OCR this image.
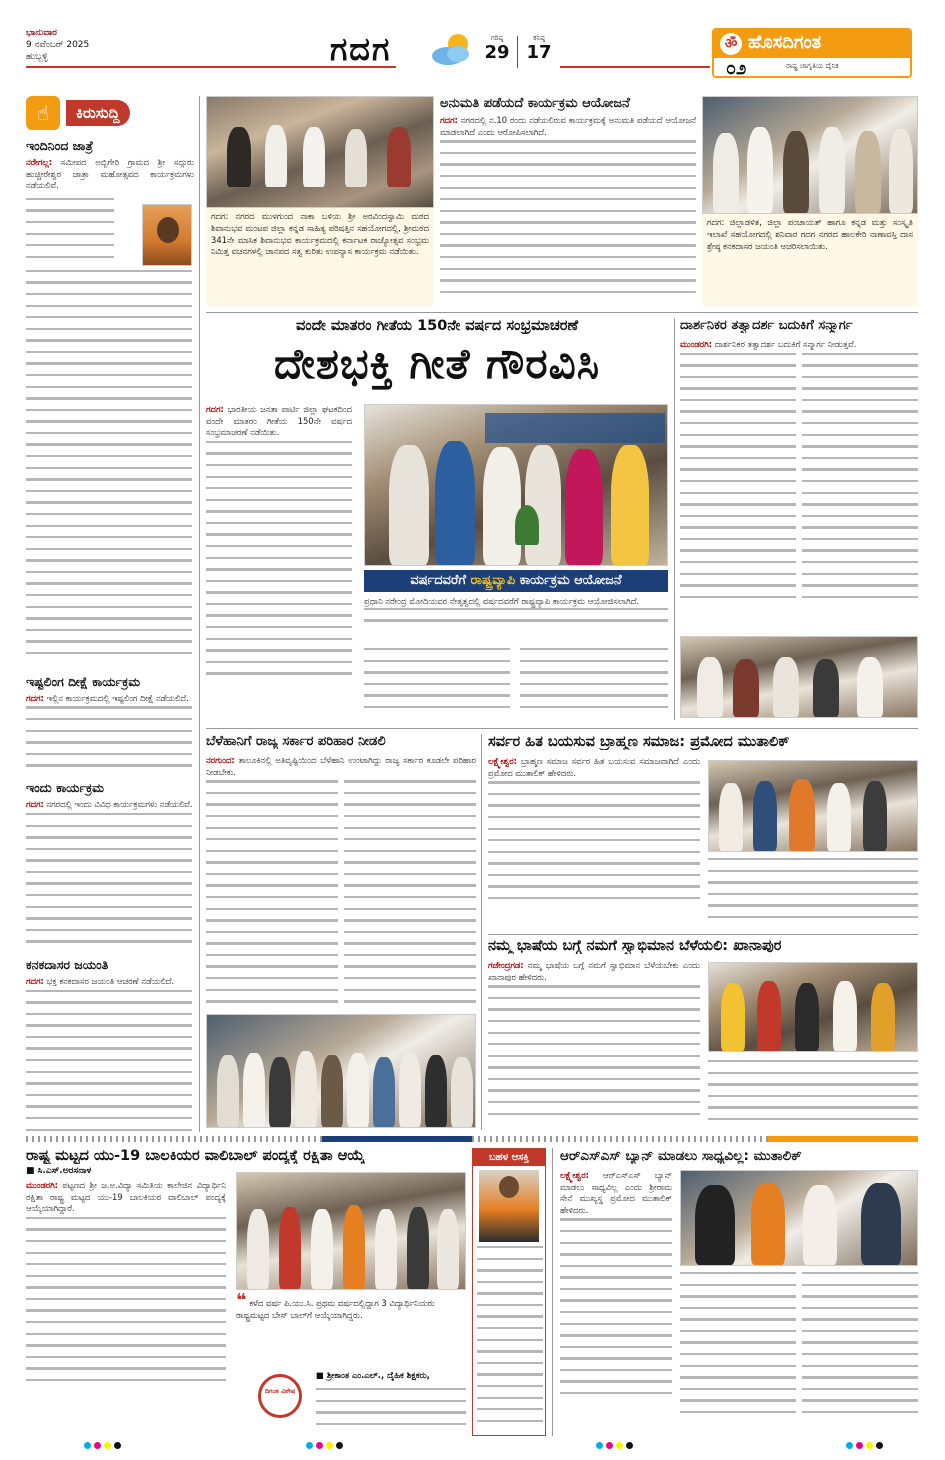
ಭಾನುವಾರ
9 ನವೆಂಬರ್ 2025
ಹುಬ್ಬಳ್ಳಿ	ಗದಗ	ಗರಿಷ್ಠ
29
ಕನಿಷ್ಠ
17	ॐ ಹೊಸದಿಗಂತ
೦೨	ರಾಷ್ಟ್ರ ಜಾಗೃತಿಯ ದೈನಿಕ
☝	ಕಿರುಸುದ್ದಿ
ಇಂದಿನಿಂದ ಜಾತ್ರೆ
ನರೇಗಲ್ಲ: ಸಮೀಪದ ಅಬ್ಬಿಗೇರಿ ಗ್ರಾಮದ ಶ್ರೀ ಸದ್ಗುರು ಹುಚ್ಚೀರೇಶ್ವರ ಜಾತ್ರಾ ಮಹೋತ್ಸವದ ಕಾರ್ಯಕ್ರಮಗಳು ನಡೆಯಲಿವೆ.
ಇಷ್ಟಲಿಂಗ ದೀಕ್ಷೆ ಕಾರ್ಯಕ್ರಮ
ಗದಗ: ಇಲ್ಲಿನ ಕಾರ್ಯಕ್ರಮದಲ್ಲಿ ಇಷ್ಟಲಿಂಗ ದೀಕ್ಷೆ ನಡೆಯಲಿದೆ.
ಇಂದು ಕಾರ್ಯಕ್ರಮ
ಗದಗ: ನಗರದಲ್ಲಿ ಇಂದು ವಿವಿಧ ಕಾರ್ಯಕ್ರಮಗಳು ನಡೆಯಲಿವೆ.
ಕನಕದಾಸರ ಜಯಂತಿ
ಗದಗ: ಭಕ್ತ ಕನಕದಾಸರ ಜಯಂತಿ ಆಚರಣೆ ನಡೆಯಲಿದೆ.
ಗದಗ: ನಗರದ ಮುಳಗುಂದ ನಾಕಾ ಬಳಿಯ ಶ್ರೀ ಅರವಿಂದಸ್ವಾಮಿ ಮಠದ ಶಿವಾನುಭವ ಮಂಟಪ ಜಿಲ್ಲಾ ಕನ್ನಡ ಸಾಹಿತ್ಯ ಪರಿಷತ್ತಿನ ಸಹಯೋಗದಲ್ಲಿ, ಶ್ರೀಮಠದ 341ನೇ ಮಾಸಿಕ ಶಿವಾನುಭವ ಕಾರ್ಯಕ್ರಮದಲ್ಲಿ ಕರ್ನಾಟಕ ರಾಜ್ಯೋತ್ಸವ ಸಂಭ್ರಮ ನಿಮಿತ್ತ ವಚನಗಳಲ್ಲಿ ಜಾನಪದ ಸತ್ವ ಕುರಿತು ಉಪನ್ಯಾಸ ಕಾರ್ಯಕ್ರಮ ನಡೆಯಿತು.
ಅನುಮತಿ ಪಡೆಯದೆ ಕಾರ್ಯಕ್ರಮ ಆಯೋಜನೆ
ಗದಗ: ನಗರದಲ್ಲಿ ನ.10 ರಂದು ನಡೆಯಲಿರುವ ಕಾರ್ಯಕ್ರಮಕ್ಕೆ ಅನುಮತಿ ಪಡೆಯದೆ ಆಯೋಜನೆ ಮಾಡಲಾಗಿದೆ ಎಂದು ಆರೋಪಿಸಲಾಗಿದೆ.
ಗದಗ: ಜಿಲ್ಲಾಡಳಿತ, ಜಿಲ್ಲಾ ಪಂಚಾಯತ್ ಹಾಗೂ ಕನ್ನಡ ಮತ್ತು ಸಂಸ್ಕೃತಿ ಇಲಾಖೆ ಸಹಯೋಗದಲ್ಲಿ ಶನಿವಾರ ಗದಗ ನಗರದ ಹಾಲಕೇರಿ ನಾಣಾವಸ್ತಿ ದಾಸ ಶ್ರೇಷ್ಠ ಕನಕದಾಸರ ಜಯಂತಿ ಆಚರಿಸಲಾಯಿತು.
ವಂದೇ ಮಾತರಂ ಗೀತೆಯ 150ನೇ ವರ್ಷದ ಸಂಭ್ರಮಾಚರಣೆ
ದೇಶಭಕ್ತಿ ಗೀತೆ ಗೌರವಿಸಿ
ಗದಗ: ಭಾರತೀಯ ಜನತಾ ಪಾರ್ಟಿ ಜಿಲ್ಲಾ ಘಟಕದಿಂದ ವಂದೇ ಮಾತರಂ ಗೀತೆಯ 150ನೇ ವರ್ಷದ ಸಂಭ್ರಮಾಚರಣೆ ನಡೆಯಿತು.
ವರ್ಷದವರೆಗೆ ರಾಷ್ಟ್ರವ್ಯಾಪಿ ಕಾರ್ಯಕ್ರಮ ಆಯೋಜನೆ
ಪ್ರಧಾನಿ ನರೇಂದ್ರ ಮೋದಿಯವರ ನೇತೃತ್ವದಲ್ಲಿ ವರ್ಷದವರೆಗೆ ರಾಷ್ಟ್ರವ್ಯಾಪಿ ಕಾರ್ಯಕ್ರಮ ಆಯೋಜಿಸಲಾಗಿದೆ.
ದಾರ್ಶನಿಕರ ತತ್ವಾದರ್ಶ ಬದುಕಿಗೆ ಸನ್ಮಾರ್ಗ
ಮುಂಡರಗಿ: ದಾರ್ಶನಿಕರ ತತ್ವಾದರ್ಶ ಬದುಕಿಗೆ ಸನ್ಮಾರ್ಗ ನೀಡುತ್ತವೆ.
ಬೆಳೆಹಾನಿಗೆ ರಾಜ್ಯ ಸರ್ಕಾರ ಪರಿಹಾರ ನೀಡಲಿ
ನರಗುಂದ: ತಾಲೂಕಿನಲ್ಲಿ ಅತಿವೃಷ್ಟಿಯಿಂದ ಬೆಳೆಹಾನಿ ಉಂಟಾಗಿದ್ದು ರಾಜ್ಯ ಸರ್ಕಾರ ಕೂಡಲೇ ಪರಿಹಾರ ನೀಡಬೇಕು.
ಸರ್ವರ ಹಿತ ಬಯಸುವ ಬ್ರಾಹ್ಮಣ ಸಮಾಜ: ಪ್ರಮೋದ ಮುತಾಲಿಕ್
ಲಕ್ಷ್ಮೇಶ್ವರ: ಬ್ರಾಹ್ಮಣ ಸಮಾಜ ಸರ್ವರ ಹಿತ ಬಯಸುವ ಸಮಾಜವಾಗಿದೆ ಎಂದು ಪ್ರಮೋದ ಮುತಾಲಿಕ್ ಹೇಳಿದರು.
ನಮ್ಮ ಭಾಷೆಯ ಬಗ್ಗೆ ನಮಗೆ ಸ್ವಾಭಿಮಾನ ಬೆಳೆಯಲಿ: ಖಾನಾಪುರ
ಗಜೇಂದ್ರಗಡ: ನಮ್ಮ ಭಾಷೆಯ ಬಗ್ಗೆ ನಮಗೆ ಸ್ವಾಭಿಮಾನ ಬೆಳೆಯಬೇಕು ಎಂದು ಖಾನಾಪುರ ಹೇಳಿದರು.
ರಾಷ್ಟ್ರ ಮಟ್ಟದ ಯು-19 ಬಾಲಕಿಯರ ವಾಲಿಬಾಲ್ ಪಂದ್ಯಕ್ಕೆ ರಕ್ಷಿತಾ ಆಯ್ಕೆ
■ ಸಿ.ಎಸ್.ಅರಸನಾಳ
ಮುಂಡರಗಿ: ಪಟ್ಟಣದ ಶ್ರೀ ಜ.ಅ.ವಿದ್ಯಾ ಸಮಿತಿಯ ಕಾಲೇಜಿನ ವಿದ್ಯಾರ್ಥಿನಿ ರಕ್ಷಿತಾ ರಾಷ್ಟ್ರ ಮಟ್ಟದ ಯು-19 ಬಾಲಕಿಯರ ವಾಲಿಬಾಲ್ ಪಂದ್ಯಕ್ಕೆ ಆಯ್ಕೆಯಾಗಿದ್ದಾರೆ.
❝ ಕಳೆದ ವರ್ಷ ಪಿ.ಯು.ಸಿ. ಪ್ರಥಮ ವರ್ಷದಲ್ಲಿದ್ದಾಗ 3 ವಿದ್ಯಾರ್ಥಿನಿಯರು ರಾಷ್ಟ್ರಮಟ್ಟದ ಬೇಸ್ ಬಾಲ್‌ಗೆ ಆಯ್ಕೆಯಾಗಿದ್ದರು.
■ ಶ್ರೀಕಾಂತ ಎಂ.ಎಲ್., ದೈಹಿಕ ಶಿಕ್ಷಕರು,
ದಿಗಂತ ವಿಶೇಷ
ಬಹಳ ಆಸಕ್ತಿ	ಆರ್‌ಎಸ್‌ಎಸ್ ಬ್ಯಾನ್ ಮಾಡಲು ಸಾಧ್ಯವಿಲ್ಲ: ಮುತಾಲಿಕ್
ಲಕ್ಷ್ಮೇಶ್ವರ: ಆರ್‌ಎಸ್‌ಎಸ್ ಬ್ಯಾನ್ ಮಾಡಲು ಸಾಧ್ಯವಿಲ್ಲ ಎಂದು ಶ್ರೀರಾಮ ಸೇನೆ ಮುಖ್ಯಸ್ಥ ಪ್ರಮೋದ ಮುತಾಲಿಕ್ ಹೇಳಿದರು.
